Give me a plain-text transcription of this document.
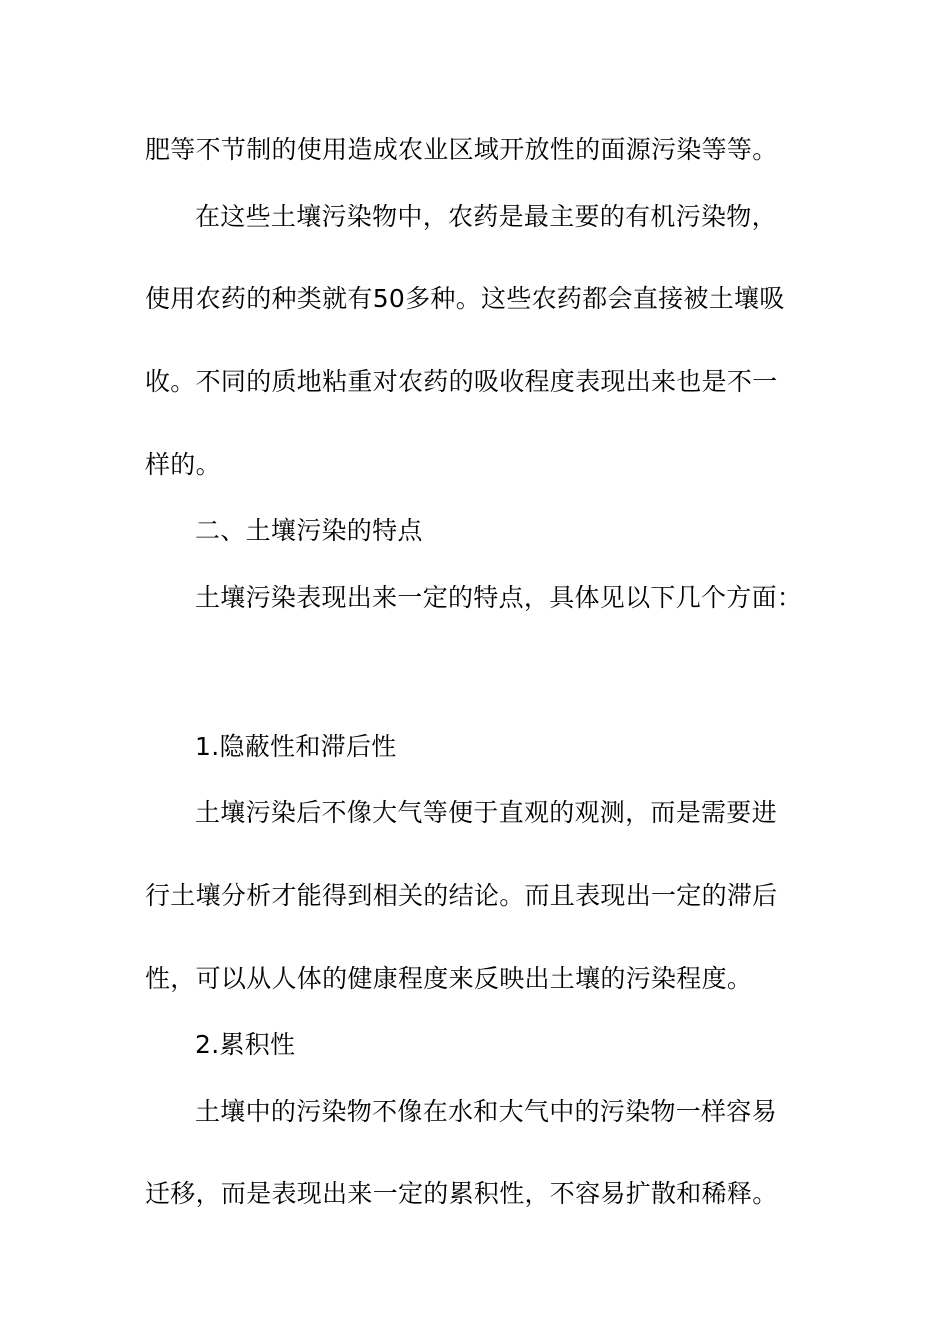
肥等不节制的使用造成农业区域开放性的面源污染等等。
在这些土壤污染物中，农药是最主要的有机污染物，
使用农药的种类就有50多种。这些农药都会直接被土壤吸
收。不同的质地粘重对农药的吸收程度表现出来也是不一
样的。
二、土壤污染的特点
土壤污染表现出来一定的特点，具体见以下几个方面：
1.隐蔽性和滞后性
土壤污染后不像大气等便于直观的观测，而是需要进
行土壤分析才能得到相关的结论。而且表现出一定的滞后
性，可以从人体的健康程度来反映出土壤的污染程度。
2.累积性
土壤中的污染物不像在水和大气中的污染物一样容易
迁移，而是表现出来一定的累积性，不容易扩散和稀释。
